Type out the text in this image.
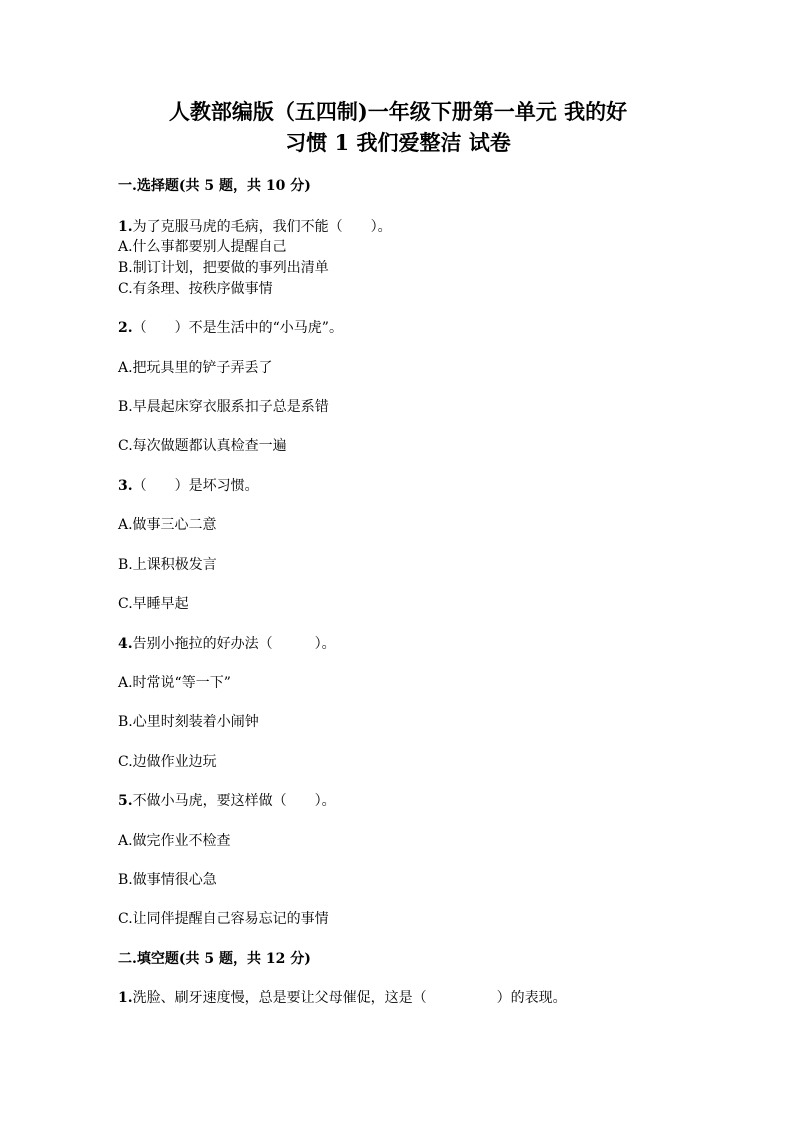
人教部编版（五四制)一年级下册第一单元 我的好
习惯 1 我们爱整洁 试卷
一.选择题(共 5 题，共 10 分)
1.为了克服马虎的毛病，我们不能（　　）。
A.什么事都要别人提醒自己
B.制订计划，把要做的事列出清单
C.有条理、按秩序做事情
2.（　　）不是生活中的“小马虎”。
A.把玩具里的铲子弄丢了
B.早晨起床穿衣服系扣子总是系错
C.每次做题都认真检查一遍
3.（　　）是坏习惯。
A.做事三心二意
B.上课积极发言
C.早睡早起
4.告别小拖拉的好办法（　　　）。
A.时常说“等一下”
B.心里时刻装着小闹钟
C.边做作业边玩
5.不做小马虎，要这样做（　　）。
A.做完作业不检查
B.做事情很心急
C.让同伴提醒自己容易忘记的事情
二.填空题(共 5 题，共 12 分)
1.洗脸、刷牙速度慢，总是要让父母催促，这是（　　　　　）的表现。
